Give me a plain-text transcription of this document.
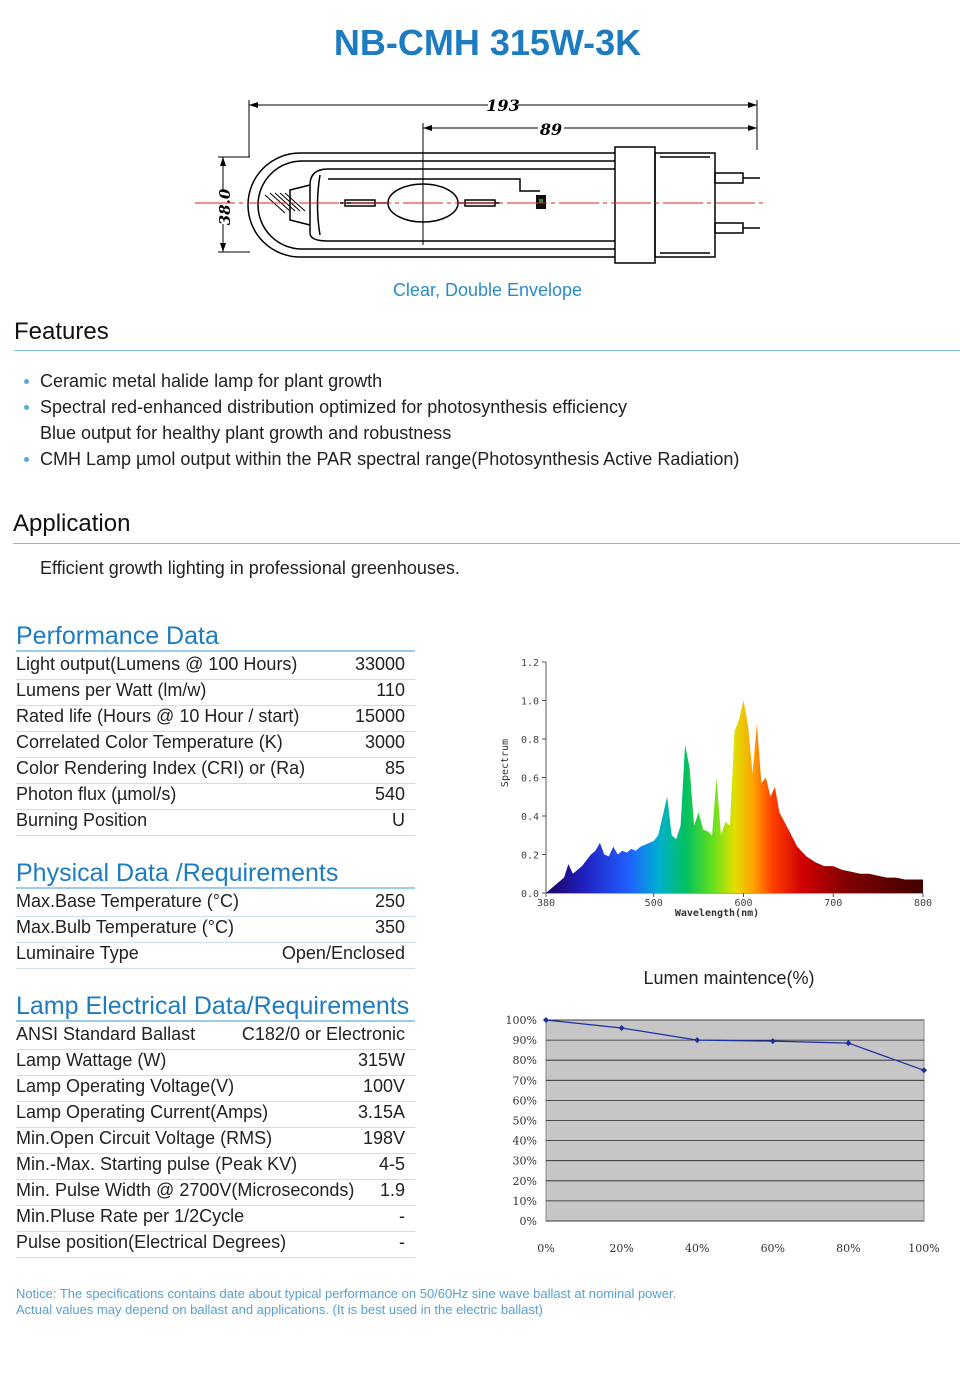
NB-CMH 315W-3K
193
89
38.0
Clear, Double Envelope
Features
Ceramic metal halide lamp for plant growth
Spectral red-enhanced distribution optimized for photosynthesis efficiency
Blue output for healthy plant growth and robustness
CMH Lamp µmol output within the PAR spectral range(Photosynthesis Active Radiation)
Application
Efficient growth lighting in professional greenhouses.
Performance Data
Light output(Lumens @ 100 Hours)	33000
Lumens per Watt (lm/w)	110
Rated life (Hours @ 10 Hour / start)	15000
Correlated Color Temperature (K)	3000
Color Rendering Index (CRI) or (Ra)	85
Photon flux (µmol/s)	540
Burning Position	U
Physical Data /Requirements
Max.Base Temperature (°C)	250
Max.Bulb Temperature (°C)	350
Luminaire Type	Open/Enclosed
Lamp Electrical Data/Requirements
ANSI Standard Ballast	C182/0 or Electronic
Lamp Wattage (W)	315W
Lamp Operating Voltage(V)	100V
Lamp Operating Current(Amps)	3.15A
Min.Open Circuit Voltage (RMS)	198V
Min.-Max. Starting pulse (Peak KV)	4-5
Min. Pulse Width @ 2700V(Microseconds) 1.9
Min.Pluse Rate per 1/2Cycle	-
Pulse position(Electrical Degrees)	-
0.0
0.2
0.4
0.6
0.8
1.0
1.2
380	500	600	700	800
Spectrum
Wavelength(nm)
Lumen maintence(%)
0%
10%
20%
30%
40%
50%
60%
70%
80%
90%
100%
0%	20%	40%	60%	80%	100%
Notice: The specifications contains date about typical performance on 50/60Hz sine wave ballast at nominal power.
Actual values may depend on ballast and applications. (It is best used in the electric ballast)
